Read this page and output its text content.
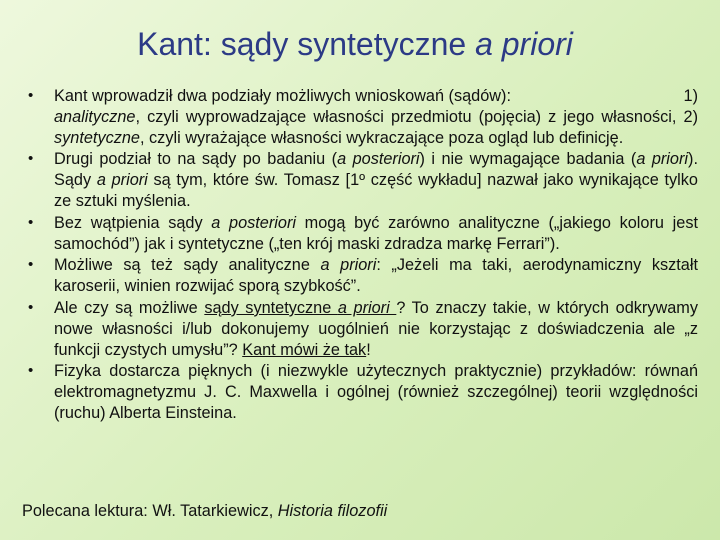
Kant: sądy syntetyczne a priori
• Kant wprowadził dwa podziały możliwych wnioskowań (sądów):	1)
analityczne, czyli wyprowadzające własności przedmiotu (pojęcia) z jego własności, 2) syntetyczne, czyli wyrażające własności wykraczające poza ogląd lub definicję.
• Drugi podział to na sądy po badaniu (a posteriori) i nie wymagające badania (a priori). Sądy a priori są tym, które św. Tomasz [1º część wykładu] nazwał jako wynikające tylko ze sztuki myślenia.
• Bez wątpienia sądy a posteriori mogą być zarówno analityczne („jakiego koloru jest samochód”) jak i syntetyczne („ten krój maski zdradza markę Ferrari”).
• Możliwe są też sądy analityczne a priori: „Jeżeli ma taki, aerodynamiczny kształt karoserii, winien rozwijać sporą szybkość”.
• Ale czy są możliwe sądy syntetyczne a priori ? To znaczy takie, w których odkrywamy nowe własności i/lub dokonujemy uogólnień nie korzystając z doświadczenia ale „z funkcji czystych umysłu”? Kant mówi że tak!
• Fizyka dostarcza pięknych (i niezwykle użytecznych praktycznie) przykładów: równań elektromagnetyzmu J. C. Maxwella i ogólnej (również szczególnej) teorii względności (ruchu) Alberta Einsteina.
Polecana lektura: Wł. Tatarkiewicz, Historia filozofii
